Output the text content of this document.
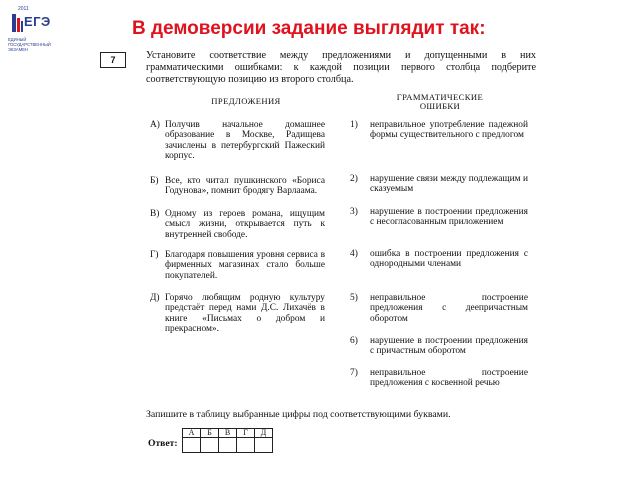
2011
ЕГЭ
ЕДИНЫЙ ГОСУДАРСТВЕННЫЙ ЭКЗАМЕН
В демоверсии задание выглядит так:
7	Установите соответствие между предложениями и допущенными в них грамматическими ошибками: к каждой позиции первого столбца подберите соответствующую позицию из второго столбца.
ПРЕДЛОЖЕНИЯ	ГРАММАТИЧЕСКИЕ ОШИБКИ
А) Получив начальное домашнее образование в Москве, Радищева зачислены в петербургский Пажеский корпус.
Б) Все, кто читал пушкинского «Бориса Годунова», помнит бродягу Варлаама.
В) Одному из героев романа, ищущим смысл жизни, открывается путь к внутренней свободе.
Г) Благодаря повышения уровня сервиса в фирменных магазинах стало больше покупателей.
Д) Горячо любящим родную культуру предстаёт перед нами Д.С. Лихачёв в книге «Письмах о добром и прекрасном».
1)	неправильное употребление падежной формы существительного с предлогом
2)	нарушение связи между подлежащим и сказуемым
3)	нарушение в построении предложения с несогласованным приложением
4)	ошибка в построении предложения с однородными членами
5)	неправильное построение предложения с деепричастным оборотом
6)	нарушение в построении предложения с причастным оборотом
7)	неправильное построение предложения с косвенной речью
Запишите в таблицу выбранные цифры под соответствующими буквами.
Ответ:
А	Б	В	Г	Д
